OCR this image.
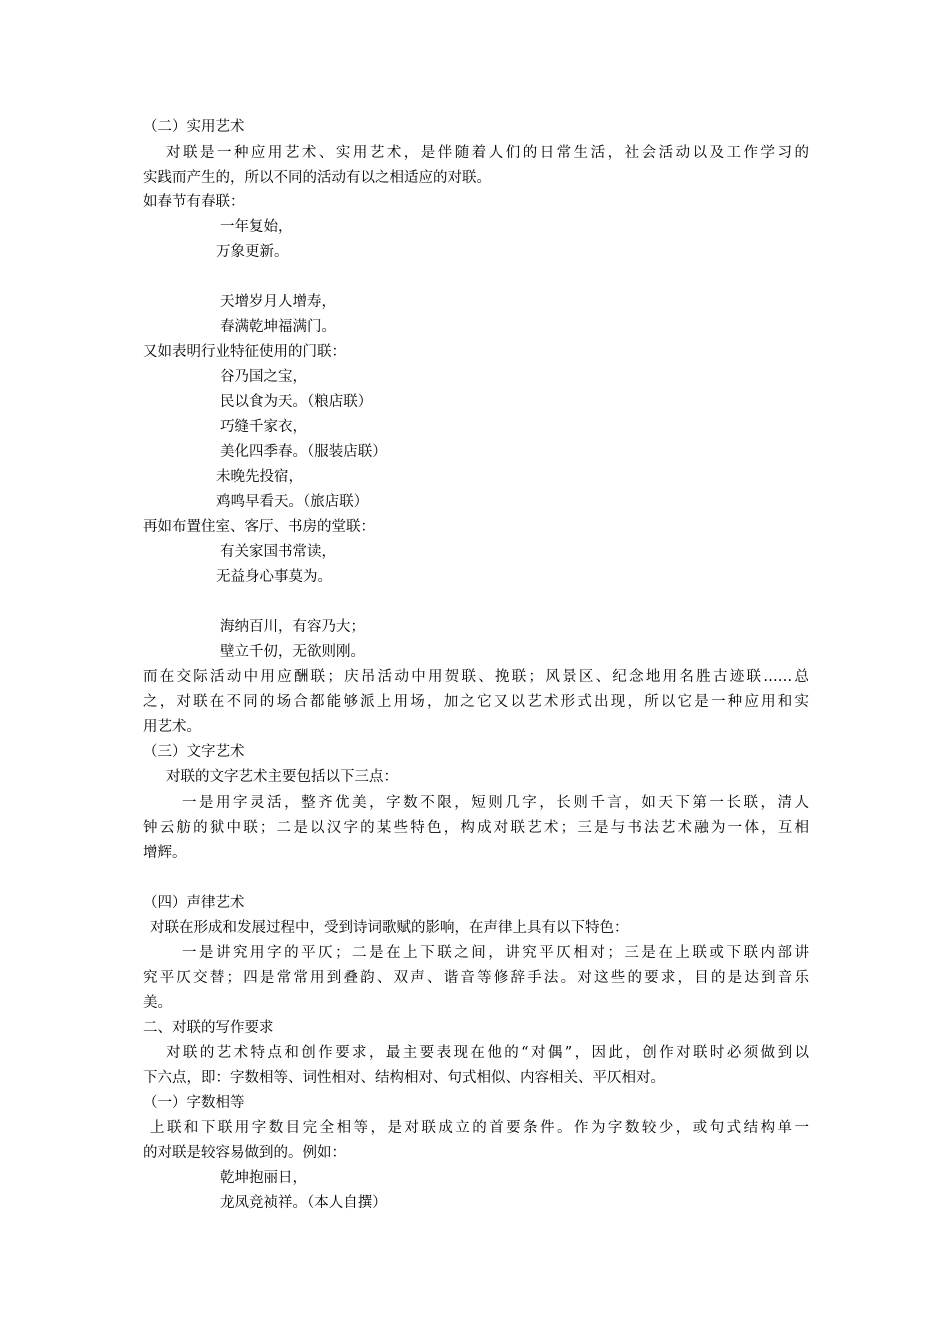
（二）实用艺术
对联是一种应用艺术、实用艺术，是伴随着人们的日常生活，社会活动以及工作学习的
实践而产生的，所以不同的活动有以之相适应的对联。
如春节有春联：
一年复始，
万象更新。
天增岁月人增寿，
春满乾坤福满门。
又如表明行业特征使用的门联：
谷乃国之宝，
民以食为天。（粮店联）
巧缝千家衣，
美化四季春。（服装店联）
未晚先投宿，
鸡鸣早看天。（旅店联）
再如布置住室、客厅、书房的堂联：
有关家国书常读，
无益身心事莫为。
海纳百川，有容乃大；
壁立千仞，无欲则刚。
而在交际活动中用应酬联；庆吊活动中用贺联、挽联；风景区、纪念地用名胜古迹联……总
之，对联在不同的场合都能够派上用场，加之它又以艺术形式出现，所以它是一种应用和实
用艺术。
（三）文字艺术
对联的文字艺术主要包括以下三点：
一是用字灵活，整齐优美，字数不限，短则几字，长则千言，如天下第一长联，清人
钟云舫的狱中联；二是以汉字的某些特色，构成对联艺术；三是与书法艺术融为一体，互相
增辉。
（四）声律艺术
对联在形成和发展过程中，受到诗词歌赋的影响，在声律上具有以下特色：
一是讲究用字的平仄；二是在上下联之间，讲究平仄相对；三是在上联或下联内部讲
究平仄交替；四是常常用到叠韵、双声、谐音等修辞手法。对这些的要求，目的是达到音乐
美。
二、对联的写作要求
对联的艺术特点和创作要求，最主要表现在他的“对偶”，因此，创作对联时必须做到以
下六点，即：字数相等、词性相对、结构相对、句式相似、内容相关、平仄相对。
（一）字数相等
上联和下联用字数目完全相等，是对联成立的首要条件。作为字数较少，或句式结构单一
的对联是较容易做到的。例如：
乾坤抱丽日，
龙凤竞祯祥。（本人自撰）
